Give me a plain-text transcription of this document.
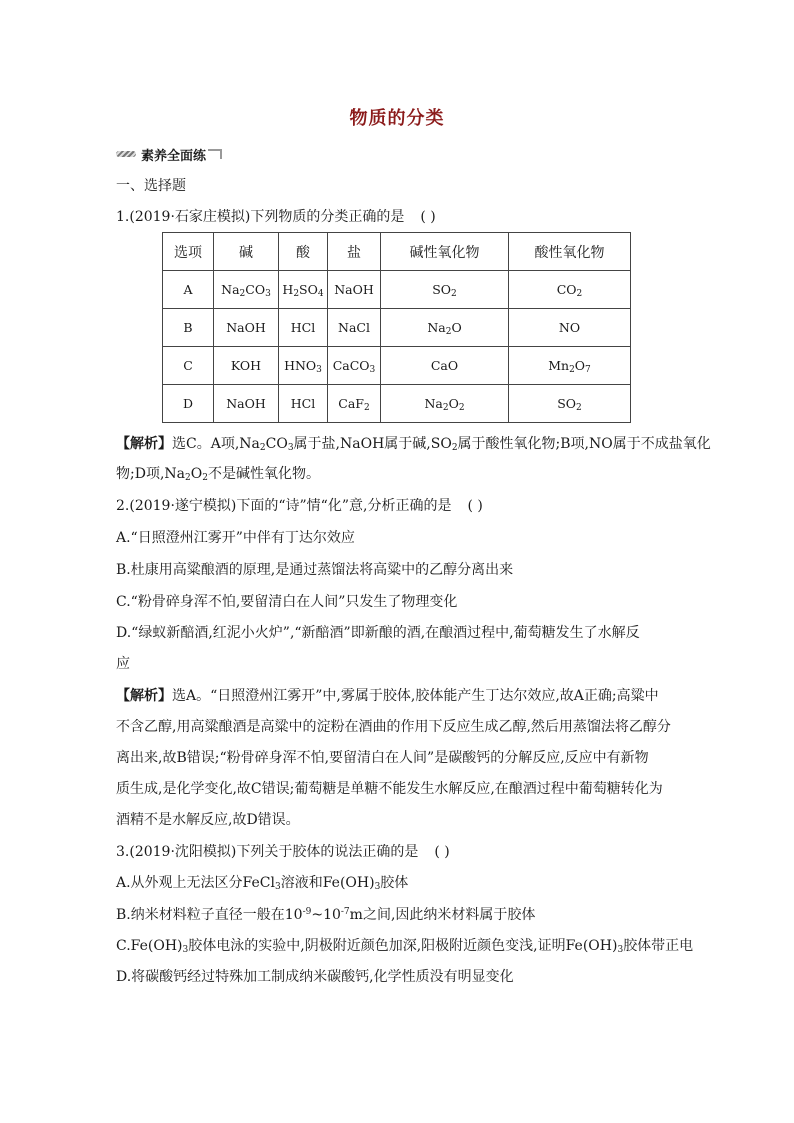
物质的分类
素养全面练
一、选择题
1.(2019·石家庄模拟)下列物质的分类正确的是 ( )
选项	碱	酸	盐	碱性氧化物	酸性氧化物
A	$Na_2CO_3$	$H_2SO_4$	NaOH	$SO_2$	$CO_2$
B	NaOH	HCl	NaCl	$Na_2O$	NO
C	KOH	$HNO_3$	CaCO$_3$	CaO	$Mn_2O_7$
D	NaOH	HCl	CaF$_2$	$Na_2O_2$	$SO_2$
【解析】选C。A项$,Na_2CO_3$属于盐,NaOH属于碱$,SO_2$属于酸性氧化物;B项,NO属于不成盐氧化
物;D项$,Na_2O_2$不是碱性氧化物。
2.(2019·遂宁模拟)下面的“诗”情“化”意,分析正确的是 ( )
A.“日照澄州江雾开”中伴有丁达尔效应
B.杜康用高粱酿酒的原理,是通过蒸馏法将高粱中的乙醇分离出来
C.“粉骨碎身浑不怕,要留清白在人间”只发生了物理变化
D.“绿蚁新醅酒,红泥小火炉”,“新醅酒”即新酿的酒,在酿酒过程中,葡萄糖发生了水解反
应
【解析】选A。“日照澄州江雾开”中,雾属于胶体,胶体能产生丁达尔效应,故A正确;高粱中
不含乙醇,用高粱酿酒是高粱中的淀粉在酒曲的作用下反应生成乙醇,然后用蒸馏法将乙醇分
离出来,故B错误;“粉骨碎身浑不怕,要留清白在人间”是碳酸钙的分解反应,反应中有新物
质生成,是化学变化,故C错误;葡萄糖是单糖不能发生水解反应,在酿酒过程中葡萄糖转化为
酒精不是水解反应,故D错误。
3.(2019·沈阳模拟)下列关于胶体的说法正确的是 ( )
A.从外观上无法区分FeCl$_3$溶液和$Fe(OH)_3$胶体
B.纳米材料粒子直径一般在$10^{-9}\sim 10^{-7}m$之间,因此纳米材料属于胶体
$C.Fe(OH)_3$胶体电泳的实验中,阴极附近颜色加深,阳极附近颜色变浅,证明$Fe(OH)_3$胶体带正电
D.将碳酸钙经过特殊加工制成纳米碳酸钙,化学性质没有明显变化
